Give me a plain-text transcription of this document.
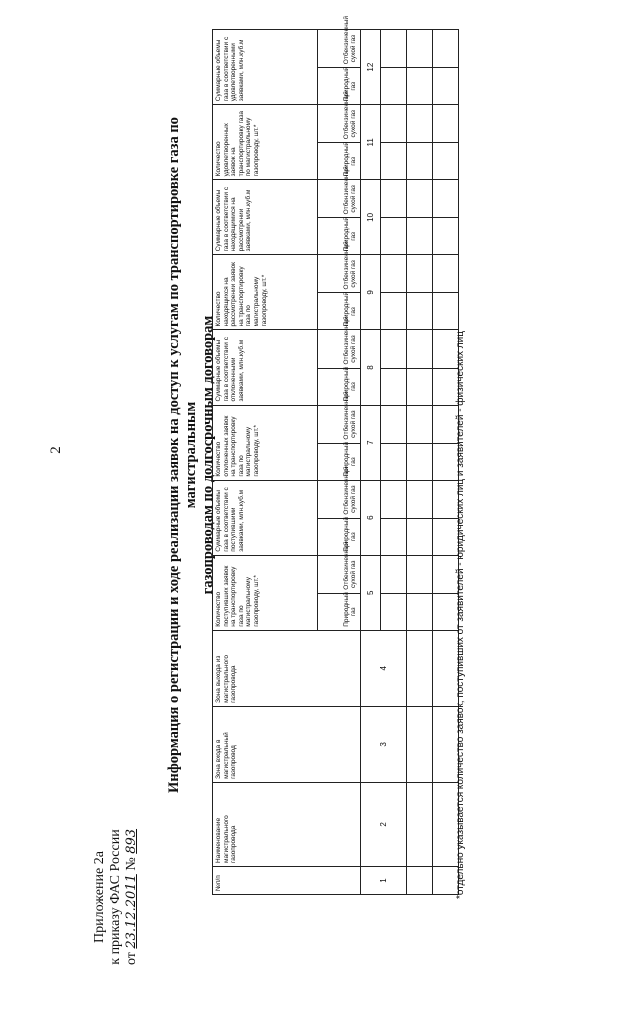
2
Приложение 2а к приказу ФАС России от 23.12.2011 № 893
Информация о регистрации и ходе реализации заявок на доступ к услугам по транспортировке газа по магистральным газопроводам по долгосрочным договорам
№п/п	Наименование магистрального газопровода	Зона входа в магистральный газопровод	Зона выхода из магистрального газопровода	Количество поступивших заявок на транспортировку газа по магистральному газопроводу, шт.*		Суммарные объемы газа в соответствии с поступившими заявками, млн.куб.м		Количество отклоненных заявок на транспортировку газа по магистральному газопроводу, шт.*		Суммарные объемы газа в соответствии с отклоненными заявками, млн.куб.м		Количество находящихся на рассмотрении заявок на транспортировку газа по магистральному газопроводу, шт.*		Суммарные объемы газа в соответствии с находящимися на рассмотрении заявками, млн.куб.м		Количество удовлетворенных заявок на транспортировку газа по магистральному газопроводу, шт.*		Суммарные объемы газа в соответствии с удовлетворенными заявками, млн.куб.м	
				Природный газ	Отбензиненный сухой газ	Природный газ	Отбензиненный сухой газ	Природный газ	Отбензиненный сухой газ	Природный газ	Отбензиненный сухой газ	Природный газ	Отбензиненный сухой газ	Природный газ	Отбензиненный сухой газ	Природный газ	Отбензиненный сухой газ	Природный газ	Отбензиненный сухой газ
1	2	3	4	5		6		7		8		9		10		11		12	

*отдельно указывается количество заявок, поступивших от заявителей - юридических лиц и заявителей - физических лиц
